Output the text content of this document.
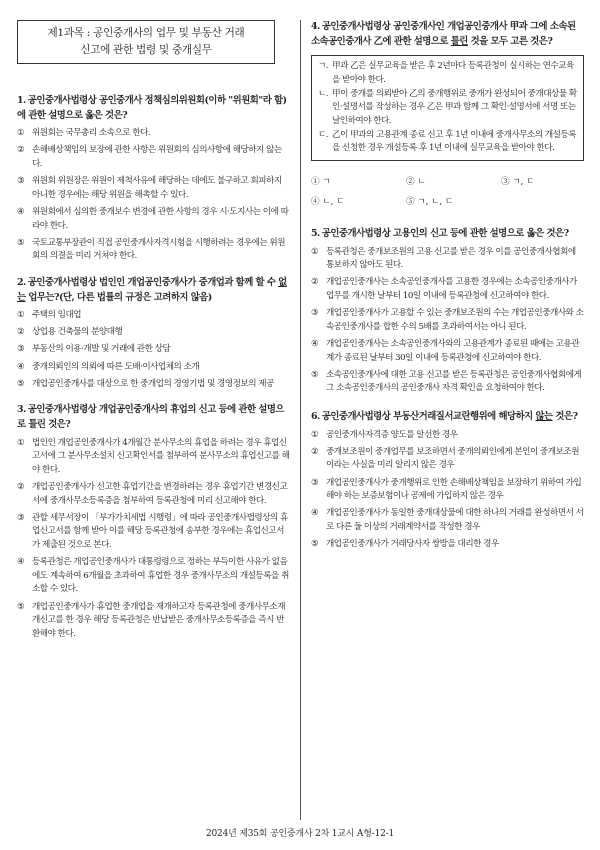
제1과목 : 공인중개사의 업무 및 부동산 거래
신고에 관한 법령 및 중개실무
1. 공인중개사법령상 공인중개사 정책심의위원회(이하 "위원회"라 함)에 관한 설명으로 옳은 것은?
① 위원회는 국무총리 소속으로 한다.
② 손해배상책임의 보장에 관한 사항은 위원회의 심의사항에 해당하지 않는다.
③ 위원회 위원장은 위원이 제척사유에 해당하는 데에도 불구하고 회피하지 아니한 경우에는 해당 위원을 해촉할 수 있다.
④ 위원회에서 심의한 중개보수 변경에 관한 사항의 경우 시·도지사는 이에 따라야 한다.
⑤ 국토교통부장관이 직접 공인중개사자격시험을 시행하려는 경우에는 위원회의 의결을 미리 거쳐야 한다.
2. 공인중개사법령상 법인인 개업공인중개사가 중개업과 함께 할 수 없는 업무는?(단, 다른 법률의 규정은 고려하지 않음)
① 주택의 임대업
② 상업용 건축물의 분양대행
③ 부동산의 이용·개발 및 거래에 관한 상담
④ 중개의뢰인의 의뢰에 따른 도배·이사업체의 소개
⑤ 개업공인중개사를 대상으로 한 중개업의 경영기법 및 경영정보의 제공
3. 공인중개사법령상 개업공인중개사의 휴업의 신고 등에 관한 설명으로 틀린 것은?
① 법인인 개업공인중개사가 4개월간 분사무소의 휴업을 하려는 경우 휴업신고서에 그 분사무소설치 신고확인서를 첨부하여 분사무소의 휴업신고를 해야 한다.
② 개업공인중개사가 신고한 휴업기간을 변경하려는 경우 휴업기간 변경신고서에 중개사무소등록증을 첨부하여 등록관청에 미리 신고해야 한다.
③ 관할 세무서장이 「부가가치세법 시행령」에 따라 공인중개사법령상의 휴업신고서를 함께 받아 이를 해당 등록관청에 송부한 경우에는 휴업신고서가 제출된 것으로 본다.
④ 등록관청은 개업공인중개사가 대통령령으로 정하는 부득이한 사유가 없음에도 계속하여 6개월을 초과하여 휴업한 경우 중개사무소의 개설등록을 취소할 수 있다.
⑤ 개업공인중개사가 휴업한 중개업을 재개하고자 등록관청에 중개사무소재개신고를 한 경우 해당 등록관청은 반납받은 중개사무소등록증을 즉시 반환해야 한다.
4. 공인중개사법령상 공인중개사인 개업공인중개사 甲과 그에 소속된 소속공인중개사 乙에 관한 설명으로 틀린 것을 모두 고른 것은?
ㄱ. 甲과 乙은 실무교육을 받은 후 2년마다 등록관청이 실시하는 연수교육을 받아야 한다.
ㄴ. 甲이 중개를 의뢰받아 乙의 중개행위로 중개가 완성되어 중개대상물 확인·설명서를 작성하는 경우 乙은 甲과 함께 그 확인·설명서에 서명 또는 날인하여야 한다.
ㄷ. 乙이 甲과의 고용관계 종료 신고 후 1년 이내에 중개사무소의 개설등록을 신청한 경우 개설등록 후 1년 이내에 실무교육을 받아야 한다.
① ㄱ	② ㄴ	③ ㄱ, ㄷ
④ ㄴ, ㄷ	⑤ ㄱ, ㄴ, ㄷ
5. 공인중개사법령상 고용인의 신고 등에 관한 설명으로 옳은 것은?
① 등록관청은 중개보조원의 고용 신고를 받은 경우 이를 공인중개사협회에 통보하지 않아도 된다.
② 개업공인중개사는 소속공인중개사를 고용한 경우에는 소속공인중개사가 업무를 개시한 날부터 10일 이내에 등록관청에 신고하여야 한다.
③ 개업공인중개사가 고용할 수 있는 중개보조원의 수는 개업공인중개사와 소속공인중개사를 합한 수의 5배를 초과하여서는 아니 된다.
④ 개업공인중개사는 소속공인중개사와의 고용관계가 종료된 때에는 고용관계가 종료된 날부터 30일 이내에 등록관청에 신고하여야 한다.
⑤ 소속공인중개사에 대한 고용 신고를 받은 등록관청은 공인중개사협회에게 그 소속공인중개사의 공인중개사 자격 확인을 요청하여야 한다.
6. 공인중개사법령상 부동산거래질서교란행위에 해당하지 않는 것은?
① 공인중개사자격증 양도를 알선한 경우
② 중개보조원이 중개업무를 보조하면서 중개의뢰인에게 본인이 중개보조원이라는 사실을 미리 알리지 않은 경우
③ 개업공인중개사가 중개행위로 인한 손해배상책임을 보장하기 위하여 가입해야 하는 보증보험이나 공제에 가입하지 않은 경우
④ 개업공인중개사가 동일한 중개대상물에 대한 하나의 거래를 완성하면서 서로 다른 둘 이상의 거래계약서를 작성한 경우
⑤ 개업공인중개사가 거래당사자 쌍방을 대리한 경우
2024년 제35회 공인중개사 2차 1교시 A형-12-1
